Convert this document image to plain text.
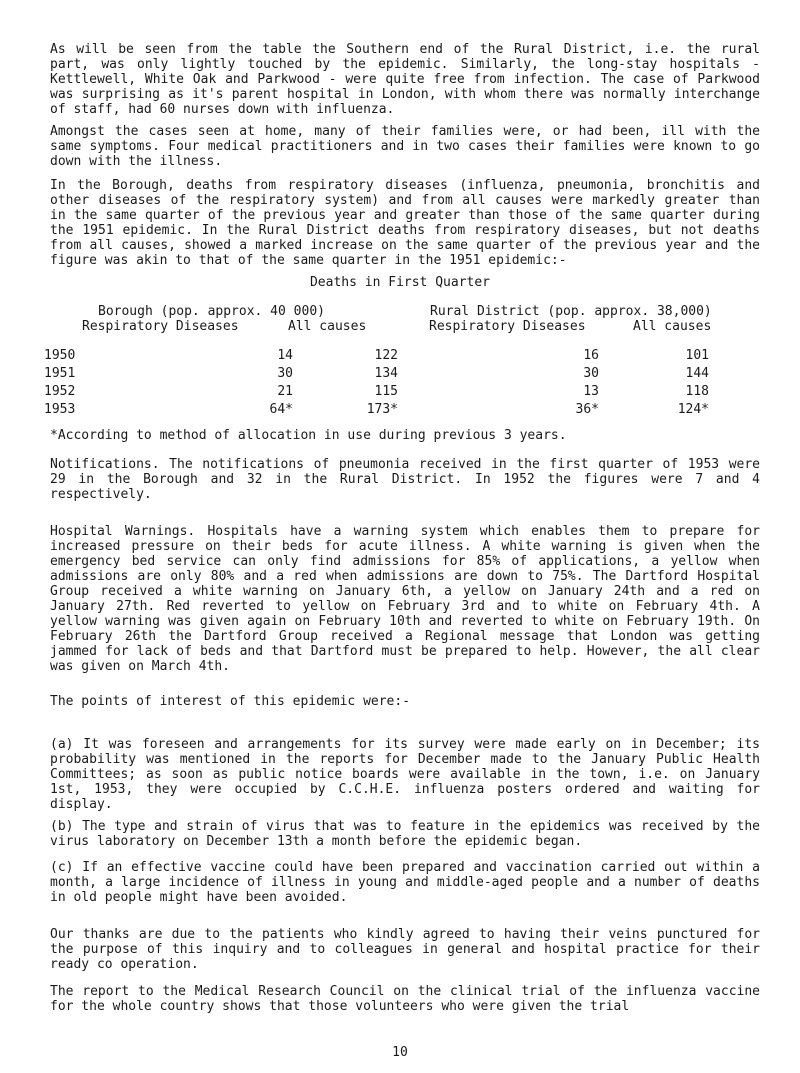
As will be seen from the table the Southern end of the Rural District, i.e. the rural part, was only lightly touched by the epidemic. Similarly, the long-stay hospitals - Kettlewell, White Oak and Parkwood - were quite free from infection. The case of Parkwood was surprising as it's parent hospital in London, with whom there was normally interchange of staff, had 60 nurses down with influenza.

Amongst the cases seen at home, many of their families were, or had been, ill with the same symptoms. Four medical practitioners and in two cases their families were known to go down with the illness.

In the Borough, deaths from respiratory diseases (influenza, pneumonia, bronchitis and other diseases of the respiratory system) and from all causes were markedly greater than in the same quarter of the previous year and greater than those of the same quarter during the 1951 epidemic. In the Rural District deaths from respiratory diseases, but not deaths from all causes, showed a marked increase on the same quarter of the previous year and the figure was akin to that of the same quarter in the 1951 epidemic:-

Deaths in First Quarter
Borough (pop. approx. 40 000)	Rural District (pop. approx. 38,000)
Respiratory Diseases	All causes	Respiratory Diseases	All causes
1950	14	122	16	101
1951	30	134	30	144
1952	21	115	13	118
1953	64*	173*	36*	124*

*According to method of allocation in use during previous 3 years.

Notifications. The notifications of pneumonia received in the first quarter of 1953 were 29 in the Borough and 32 in the Rural District. In 1952 the figures were 7 and 4 respectively.

Hospital Warnings. Hospitals have a warning system which enables them to prepare for increased pressure on their beds for acute illness. A white warning is given when the emergency bed service can only find admissions for 85% of applications, a yellow when admissions are only 80% and a red when admissions are down to 75%. The Dartford Hospital Group received a white warning on January 6th, a yellow on January 24th and a red on January 27th. Red reverted to yellow on February 3rd and to white on February 4th. A yellow warning was given again on February 10th and reverted to white on February 19th. On February 26th the Dartford Group received a Regional message that London was getting jammed for lack of beds and that Dartford must be prepared to help. However, the all clear was given on March 4th.

The points of interest of this epidemic were:-

(a) It was foreseen and arrangements for its survey were made early on in December; its probability was mentioned in the reports for December made to the January Public Health Committees; as soon as public notice boards were available in the town, i.e. on January 1st, 1953, they were occupied by C.C.H.E. influenza posters ordered and waiting for display.

(b) The type and strain of virus that was to feature in the epidemics was received by the virus laboratory on December 13th a month before the epidemic began.

(c) If an effective vaccine could have been prepared and vaccination carried out within a month, a large incidence of illness in young and middle-aged people and a number of deaths in old people might have been avoided.

Our thanks are due to the patients who kindly agreed to having their veins punctured for the purpose of this inquiry and to colleagues in general and hospital practice for their ready co operation.

The report to the Medical Research Council on the clinical trial of the influenza vaccine for the whole country shows that those volunteers who were given the trial

10
